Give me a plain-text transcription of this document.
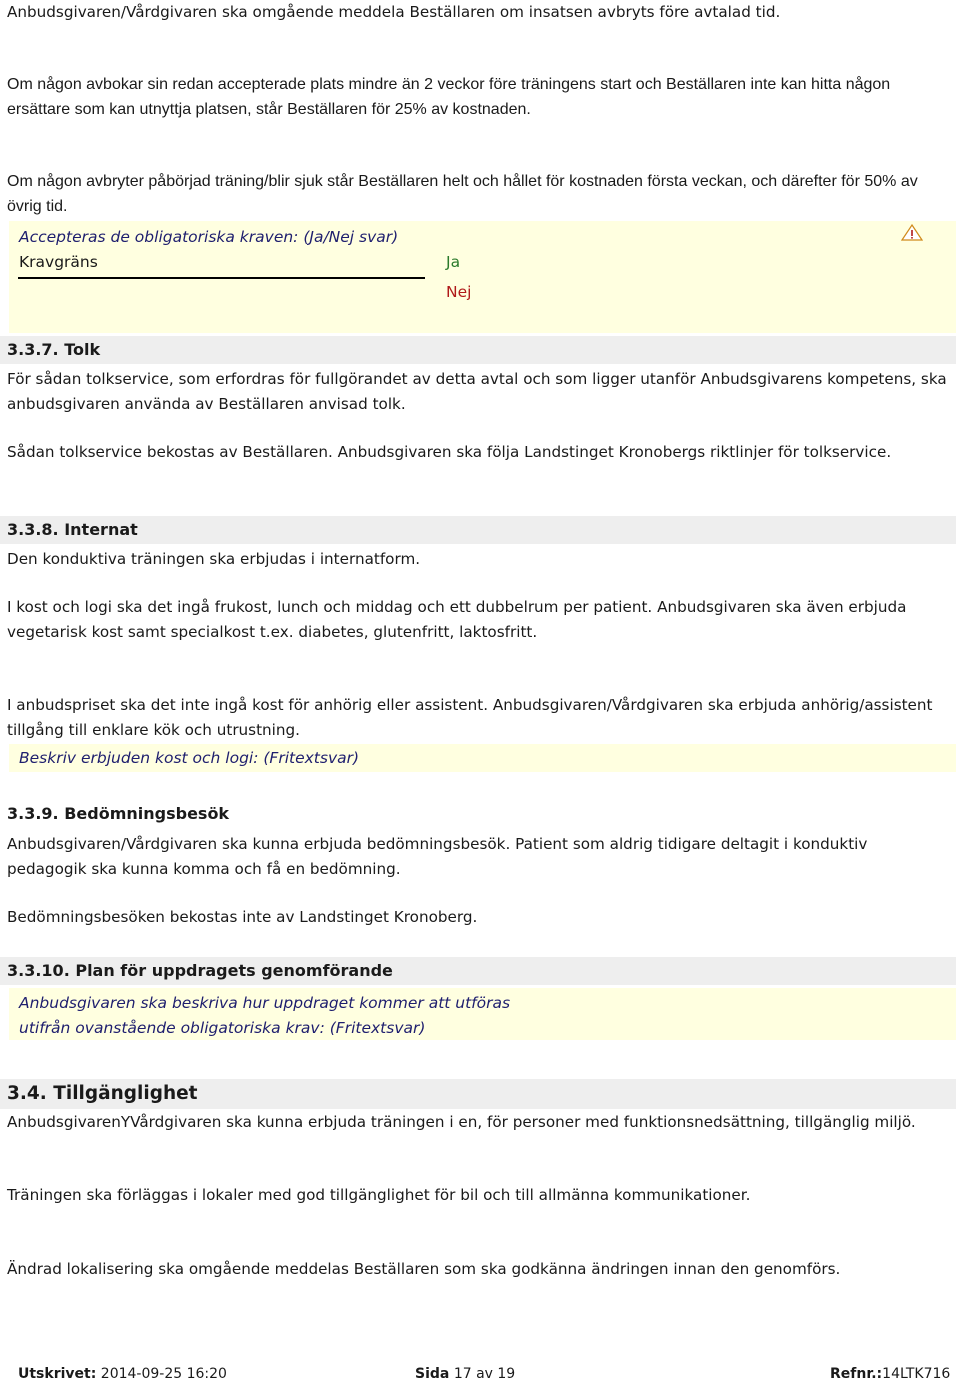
Anbudsgivaren/Vårdgivaren ska omgående meddela Beställaren om insatsen avbryts före avtalad tid.

Om någon avbokar sin redan accepterade plats mindre än 2 veckor före träningens start och Beställaren inte kan hitta någon ersättare som kan utnyttja platsen, står Beställaren för 25% av kostnaden.

Om någon avbryter påbörjad träning/blir sjuk står Beställaren helt och hållet för kostnaden första veckan, och därefter för 50% av övrig tid.

Accepteras de obligatoriska kraven: (Ja/Nej svar)
Kravgräns	Ja
Nej
3.3.7. Tolk

För sådan tolkservice, som erfordras för fullgörandet av detta avtal och som ligger utanför Anbudsgivarens kompetens, ska anbudsgivaren använda av Beställaren anvisad tolk.

Sådan tolkservice bekostas av Beställaren. Anbudsgivaren ska följa Landstinget Kronobergs riktlinjer för tolkservice.

3.3.8. Internat

Den konduktiva träningen ska erbjudas i internatform.

I kost och logi ska det ingå frukost, lunch och middag och ett dubbelrum per patient. Anbudsgivaren ska även erbjuda vegetarisk kost samt specialkost t.ex. diabetes, glutenfritt, laktosfritt.

I anbudspriset ska det inte ingå kost för anhörig eller assistent. Anbudsgivaren/Vårdgivaren ska erbjuda anhörig/assistent tillgång till enklare kök och utrustning.

Beskriv erbjuden kost och logi: (Fritextsvar)
3.3.9. Bedömningsbesök

Anbudsgivaren/Vårdgivaren ska kunna erbjuda bedömningsbesök. Patient som aldrig tidigare deltagit i konduktiv pedagogik ska kunna komma och få en bedömning.

Bedömningsbesöken bekostas inte av Landstinget Kronoberg.

3.3.10. Plan för uppdragets genomförande
Anbudsgivaren ska beskriva hur uppdraget kommer att utföras
utifrån ovanstående obligatoriska krav: (Fritextsvar)
3.4. Tillgänglighet

AnbudsgivarenYVårdgivaren ska kunna erbjuda träningen i en, för personer med funktionsnedsättning, tillgänglig miljö.

Träningen ska förläggas i lokaler med god tillgänglighet för bil och till allmänna kommunikationer.

Ändrad lokalisering ska omgående meddelas Beställaren som ska godkänna ändringen innan den genomförs.

Utskrivet: 2014-09-25 16:20	Sida 17 av 19	Refnr.:14LTK716
